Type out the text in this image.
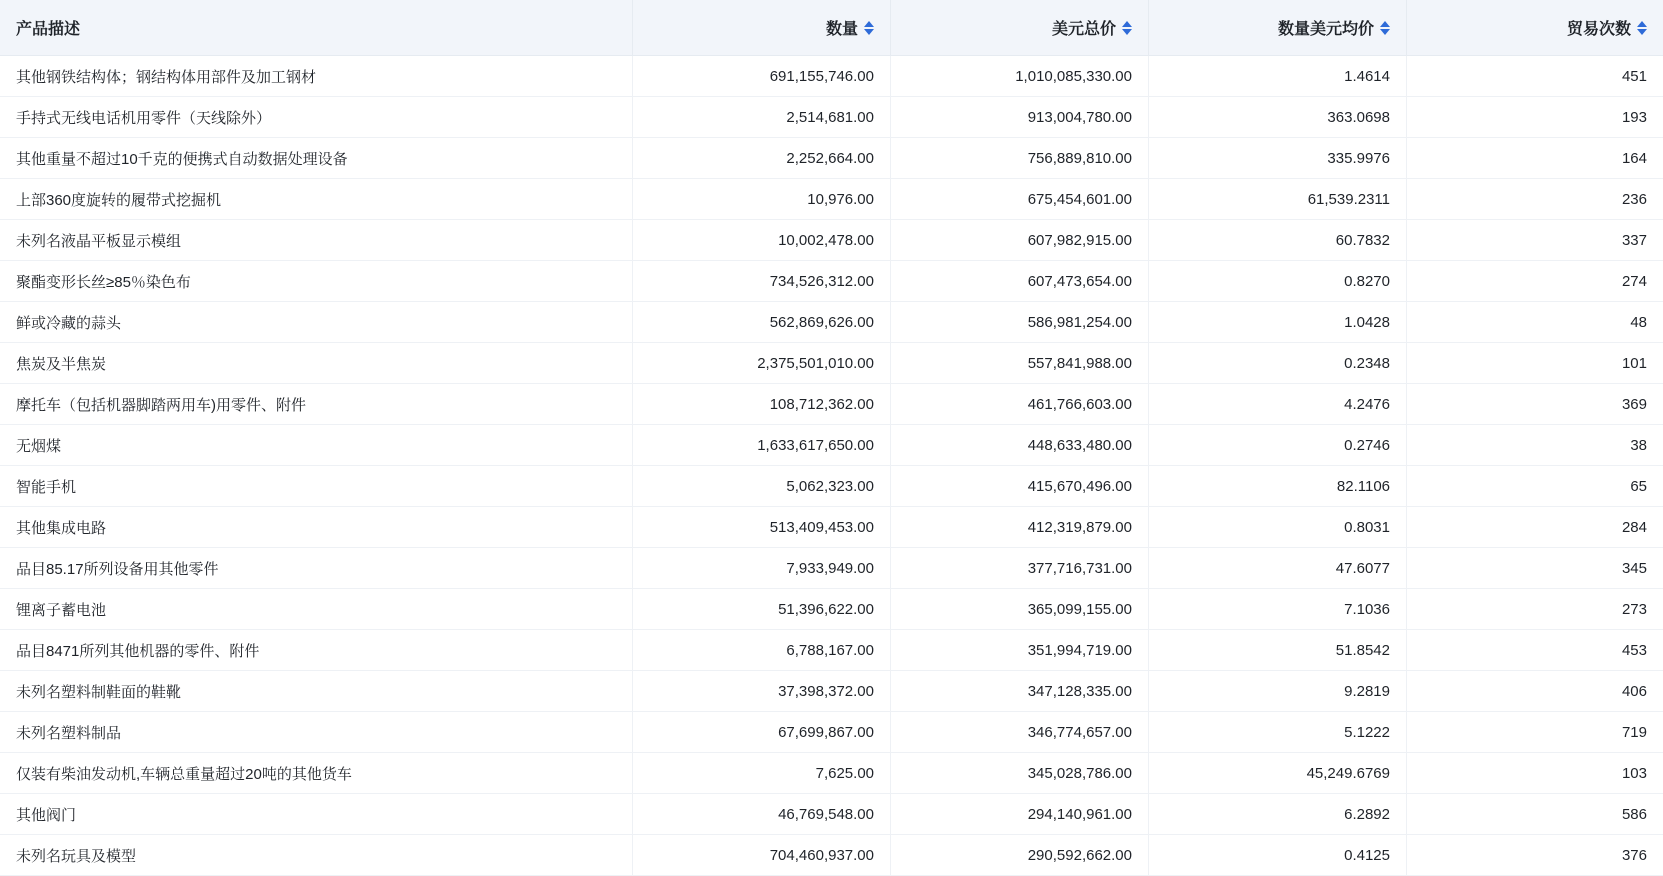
产品描述	数量	美元总价	数量美元均价	贸易次数

其他钢铁结构体；钢结构体用部件及加工钢材	691,155,746.00	1,010,085,330.00	1.4614	451
手持式无线电话机用零件（天线除外）	2,514,681.00	913,004,780.00	363.0698	193
其他重量不超过10千克的便携式自动数据处理设备	2,252,664.00	756,889,810.00	335.9976	164
上部360度旋转的履带式挖掘机	10,976.00	675,454,601.00	61,539.2311	236
未列名液晶平板显示模组	10,002,478.00	607,982,915.00	60.7832	337
聚酯变形长丝≥85％染色布	734,526,312.00	607,473,654.00	0.8270	274
鲜或冷藏的蒜头	562,869,626.00	586,981,254.00	1.0428	48
焦炭及半焦炭	2,375,501,010.00	557,841,988.00	0.2348	101
摩托车（包括机器脚踏两用车)用零件、附件	108,712,362.00	461,766,603.00	4.2476	369
无烟煤	1,633,617,650.00	448,633,480.00	0.2746	38
智能手机	5,062,323.00	415,670,496.00	82.1106	65
其他集成电路	513,409,453.00	412,319,879.00	0.8031	284
品目85.17所列设备用其他零件	7,933,949.00	377,716,731.00	47.6077	345
锂离子蓄电池	51,396,622.00	365,099,155.00	7.1036	273
品目8471所列其他机器的零件、附件	6,788,167.00	351,994,719.00	51.8542	453
未列名塑料制鞋面的鞋靴	37,398,372.00	347,128,335.00	9.2819	406
未列名塑料制品	67,699,867.00	346,774,657.00	5.1222	719
仅装有柴油发动机,车辆总重量超过20吨的其他货车	7,625.00	345,028,786.00	45,249.6769	103
其他阀门	46,769,548.00	294,140,961.00	6.2892	586
未列名玩具及模型	704,460,937.00	290,592,662.00	0.4125	376
